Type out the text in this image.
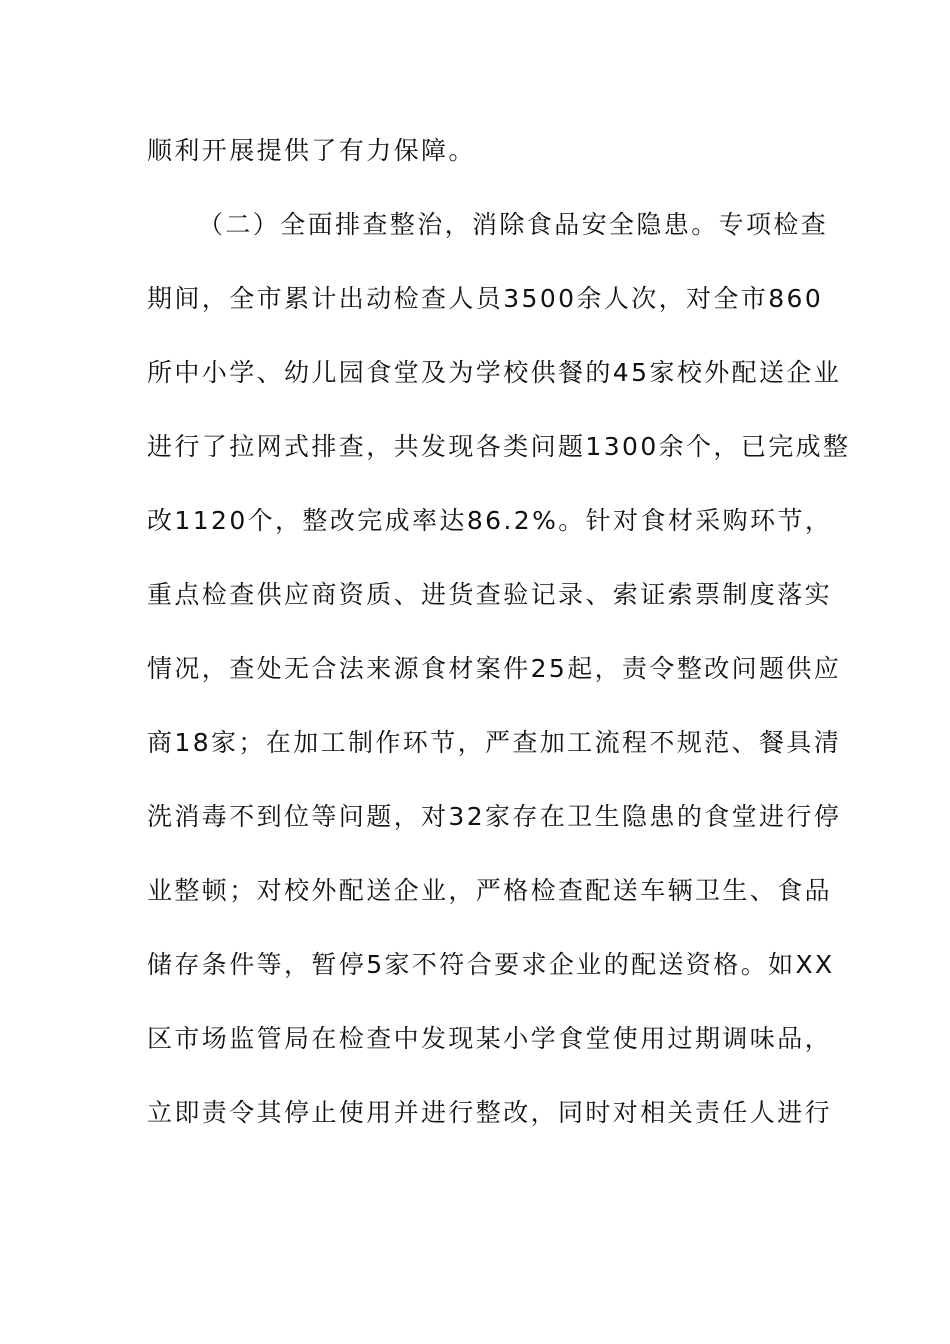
顺利开展提供了有力保障。
（二）全面排查整治，消除食品安全隐患。专项检查
期间，全市累计出动检查人员3500余人次，对全市860
所中小学、幼儿园食堂及为学校供餐的45家校外配送企业
进行了拉网式排查，共发现各类问题1300余个，已完成整
改1120个，整改完成率达86.2%。针对食材采购环节，
重点检查供应商资质、进货查验记录、索证索票制度落实
情况，查处无合法来源食材案件25起，责令整改问题供应
商18家；在加工制作环节，严查加工流程不规范、餐具清
洗消毒不到位等问题，对32家存在卫生隐患的食堂进行停
业整顿；对校外配送企业，严格检查配送车辆卫生、食品
储存条件等，暂停5家不符合要求企业的配送资格。如XX
区市场监管局在检查中发现某小学食堂使用过期调味品，
立即责令其停止使用并进行整改，同时对相关责任人进行
